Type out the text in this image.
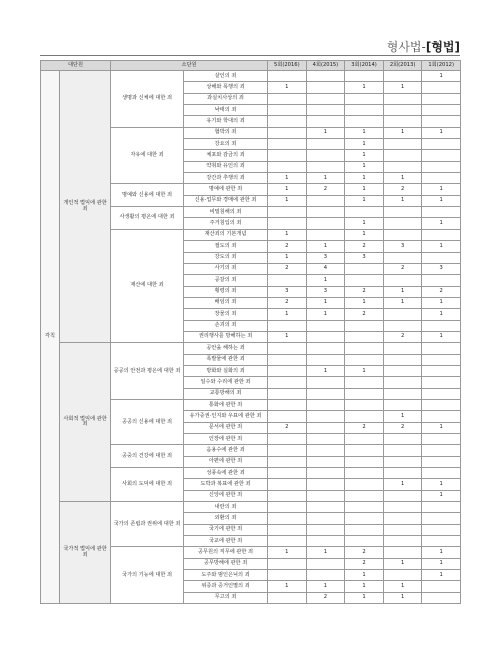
형사법-[형법]
대단원		소단원		5회(2016)	4회(2015)	3회(2014)	2회(2013)	1회(2012)
각칙	개인적 법익에 관한 죄	생명과 신체에 대한 죄	살인의 죄					1
			상해와 폭행의 죄	1		1	1	
			과실치사상의 죄					
			낙태의 죄					
			유기와 학대의 죄					
		자유에 대한 죄	협박의 죄		1	1	1	1
			강요의 죄			1		
			체포와 감금의 죄			1		
			약취와 유인의 죄			1		
			강간과 추행의 죄	1	1	1	1	
		명예와 신용에 대한 죄	명예에 관한 죄	1	2	1	2	1
			신용·업무와 경매에 관한 죄	1		1	1	1
		사생활의 평온에 대한 죄	비밀침해의 죄					
			주거침입의 죄			1		1
		재산에 대한 죄	재산죄의 기본개념	1		1		
			절도의 죄	2	1	2	3	1
			강도의 죄	1	3	3		
			사기의 죄	2	4		2	3
			공갈의 죄		1			
			횡령의 죄	3	3	2	1	2
			배임의 죄	2	1	1	1	1
			장물의 죄	1	1	2		1
			손괴의 죄					
			권리행사를 방해하는 죄	1			2	1
	사회적 법익에 관한 죄	공공의 안전과 평온에 대한 죄	공안을 해하는 죄					
			폭발물에 관한 죄					
			방화와 실화의 죄		1	1		
			일수와 수리에 관한 죄					
			교통방해의 죄					
		공공의 신용에 대한 죄	통화에 관한 죄					
			유가증권·인지와 우표에 관한 죄				1	
			문서에 관한 죄	2		2	2	1
			인장에 관한 죄					
		공중의 건강에 대한 죄	음용수에 관한 죄					
			아편에 관한 죄					
		사회의 도덕에 대한 죄	성풍속에 관한 죄					
			도박과 복표에 관한 죄				1	1
			신앙에 관한 죄					1
	국가적 법익에 관한 죄	국가의 존립과 권위에 대한 죄	내란의 죄					
			외환의 죄					
			국기에 관한 죄					
			국교에 관한 죄					
		국가의 기능에 대한 죄	공무원의 직무에 관한 죄	1	1	2		1
			공무방해에 관한 죄			2	1	1
			도주와 범인은닉의 죄			1		1
			위증과 증거인멸의 죄	1	1	1	1	
			무고의 죄		2	1	1	
